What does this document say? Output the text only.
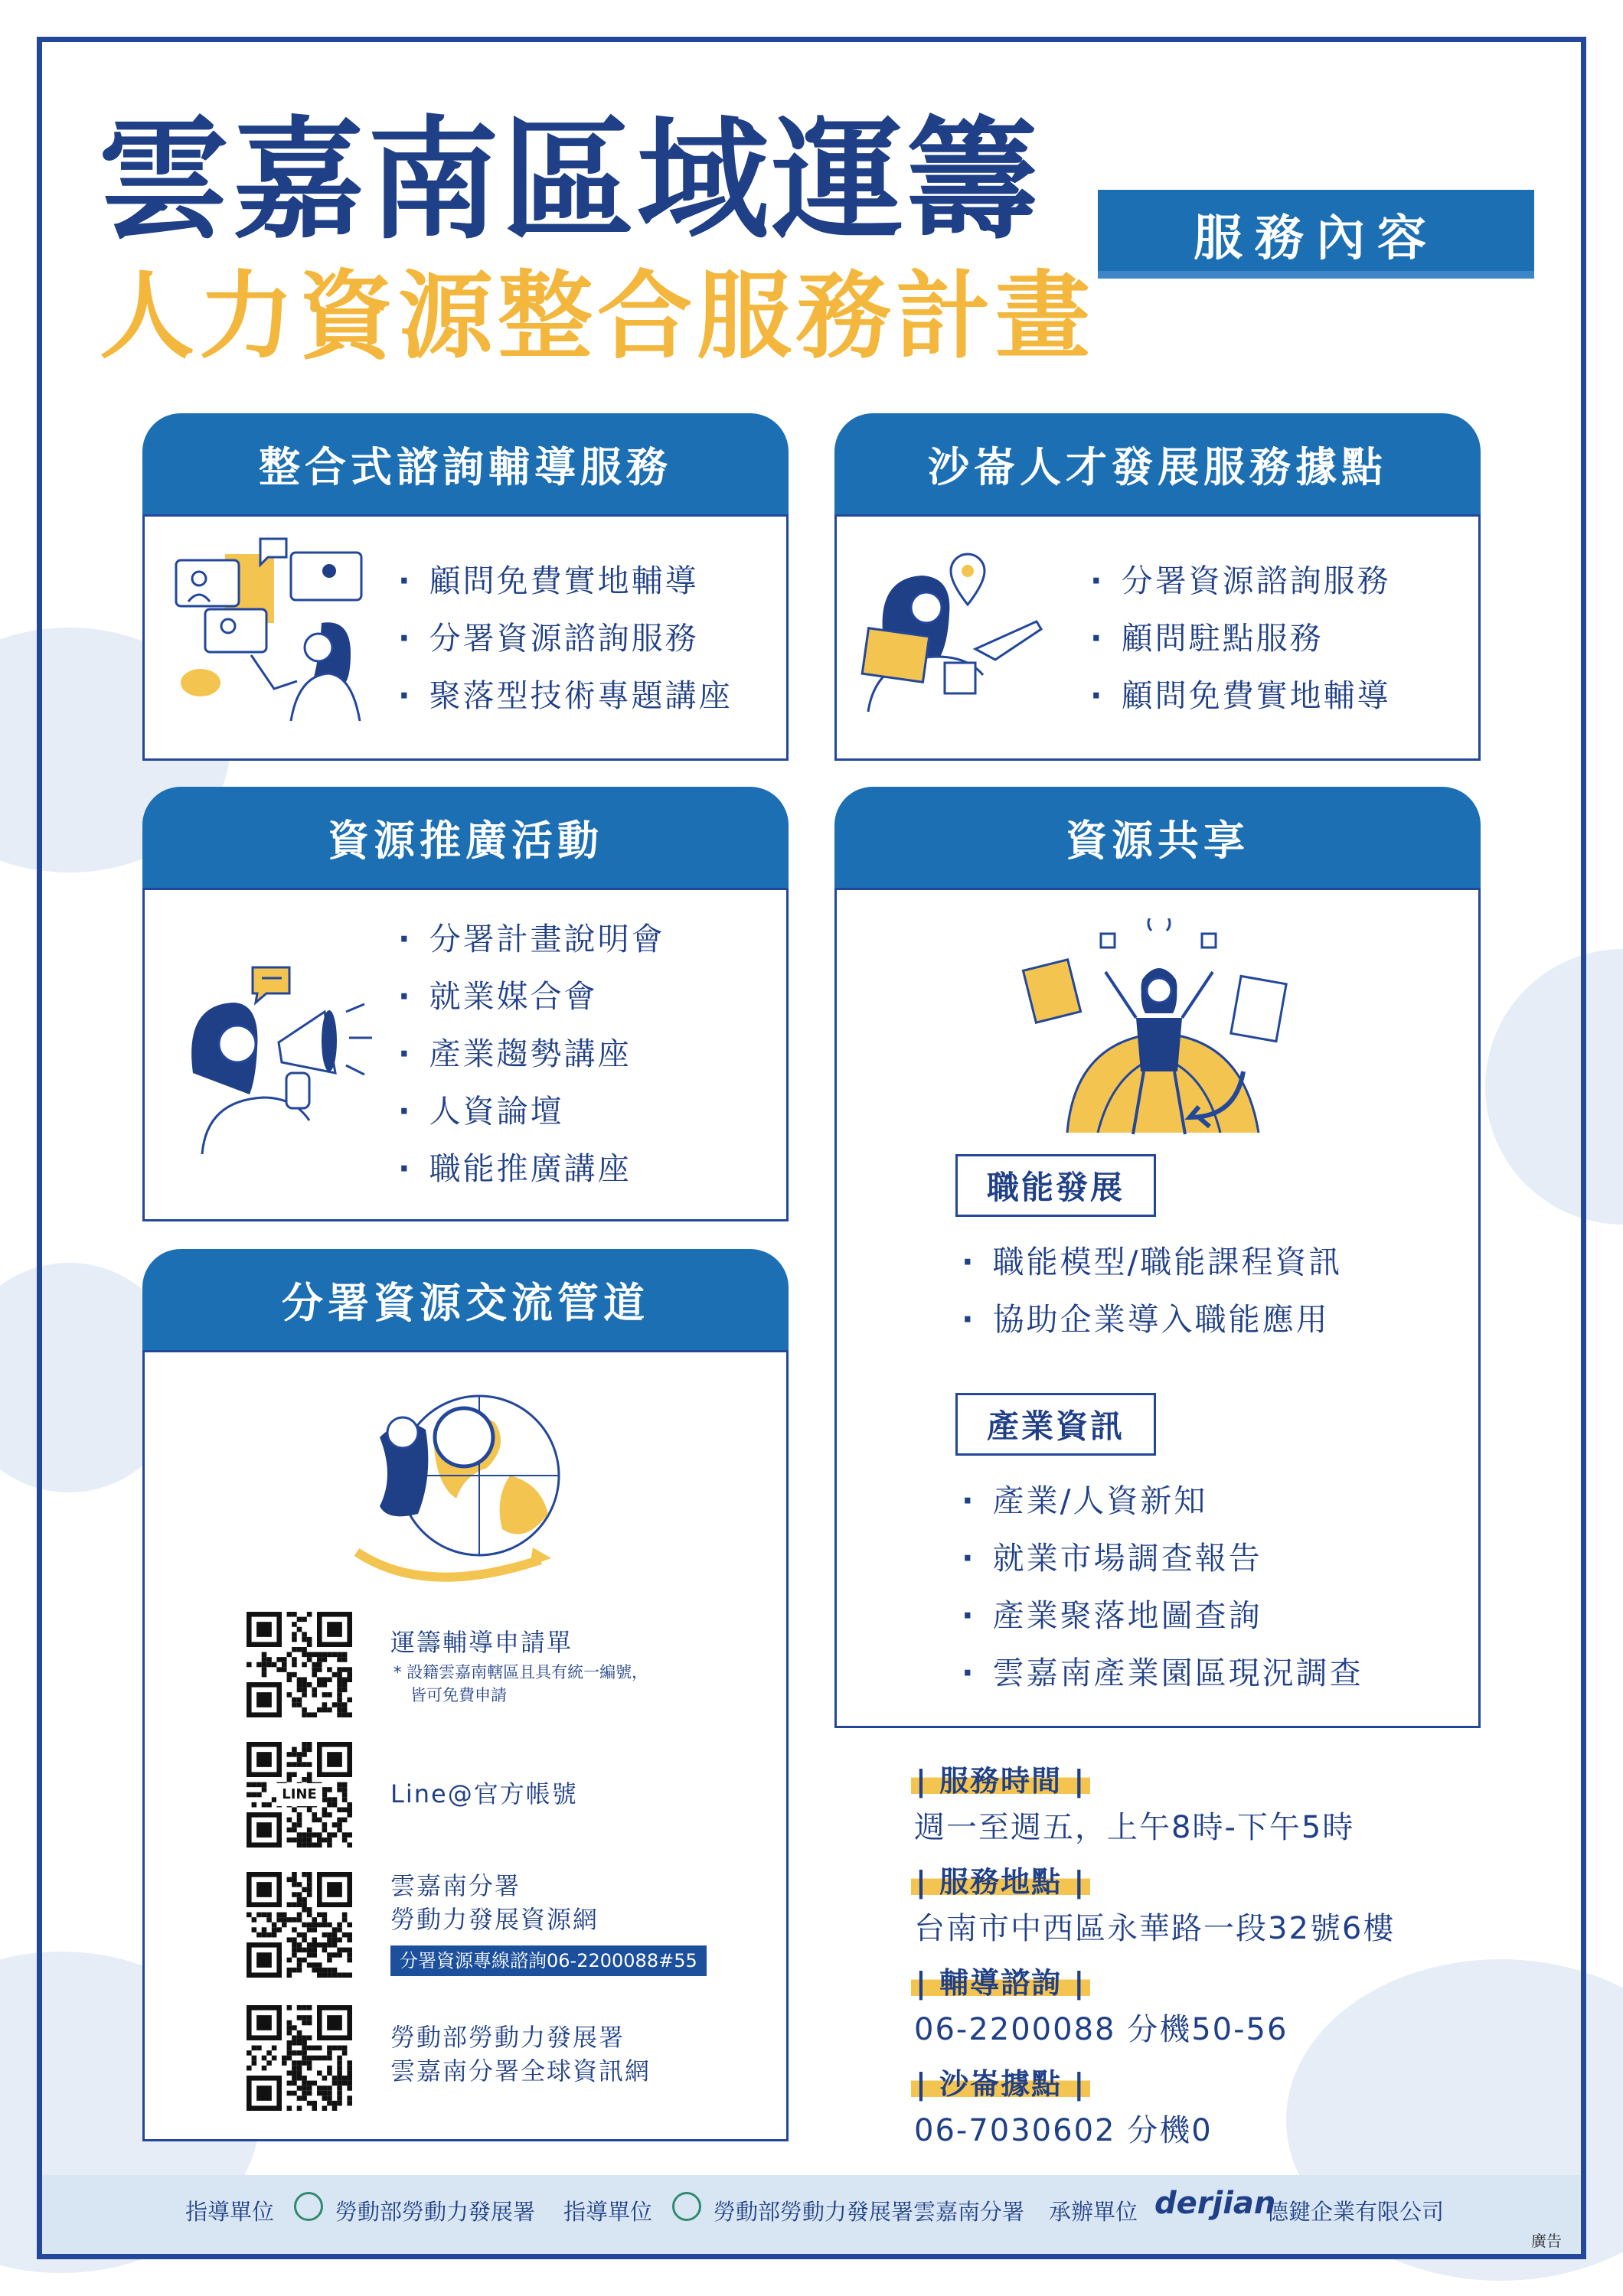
雲嘉南區域運籌
人力資源整合服務計畫
服務內容
整合式諮詢輔導服務
· 顧問免費實地輔導
· 分署資源諮詢服務
· 聚落型技術專題講座
沙崙人才發展服務據點
· 分署資源諮詢服務
· 顧問駐點服務
· 顧問免費實地輔導
資源推廣活動
· 分署計畫說明會
· 就業媒合會
· 產業趨勢講座
· 人資論壇
· 職能推廣講座
資源共享
職能發展
· 職能模型/職能課程資訊
· 協助企業導入職能應用
產業資訊
· 產業/人資新知
· 就業市場調查報告
· 產業聚落地圖查詢
· 雲嘉南產業園區現況調查
分署資源交流管道
運籌輔導申請單
* 設籍雲嘉南轄區且具有統一編號，
皆可免費申請
LINE	Line@官方帳號
雲嘉南分署
勞動力發展資源網
分署資源專線諮詢06-2200088#55
勞動部勞動力發展署
雲嘉南分署全球資訊網
| 服務時間 |
週一至週五，上午8時-下午5時
| 服務地點 |
台南市中西區永華路一段32號6樓
| 輔導諮詢 |
06-2200088 分機50-56
| 沙崙據點 |
06-7030602 分機0
指導單位	勞動部勞動力發展署 指導單位	勞動部勞動力發展署雲嘉南分署 承辦單位 derjian
德鍵企業有限公司
廣告
